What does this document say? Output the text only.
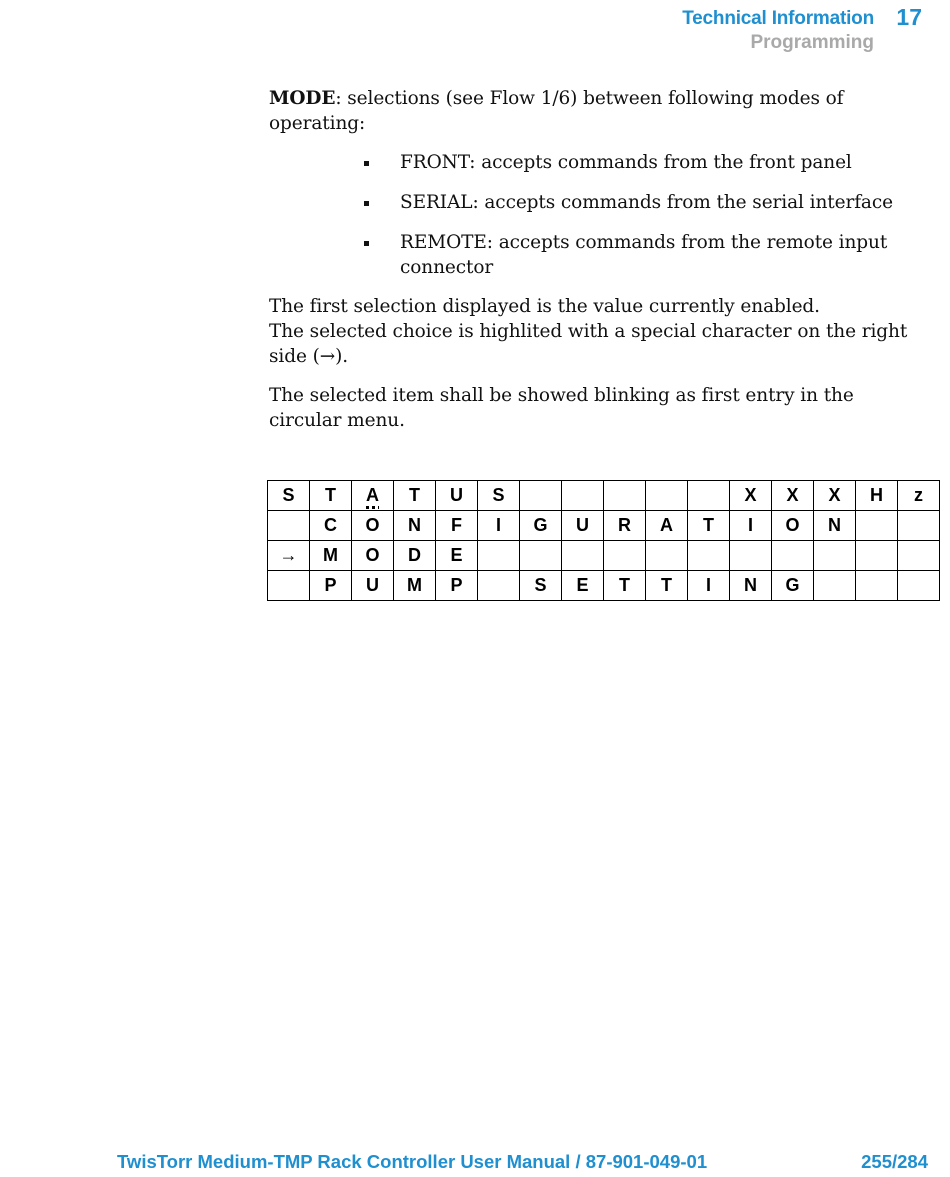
Technical Information 17
Programming

MODE: selections (see Flow 1/6) between following modes of operating:

FRONT: accepts commands from the front panel
SERIAL: accepts commands from the serial interface
REMOTE: accepts commands from the remote input connector

The first selection displayed is the value currently enabled.
The selected choice is highlited with a special character on the right side (→).

The selected item shall be showed blinking as first entry in the circular menu.

S	T	A	T	U	S						X	X	X	H	z
	C	O	N	F	I	G	U	R	A	T	I	O	N		
→	M	O	D	E											
	P	U	M	P		S	E	T	T	I	N	G			
TwisTorr Medium-TMP Rack Controller User Manual / 87-901-049-01	255/284
